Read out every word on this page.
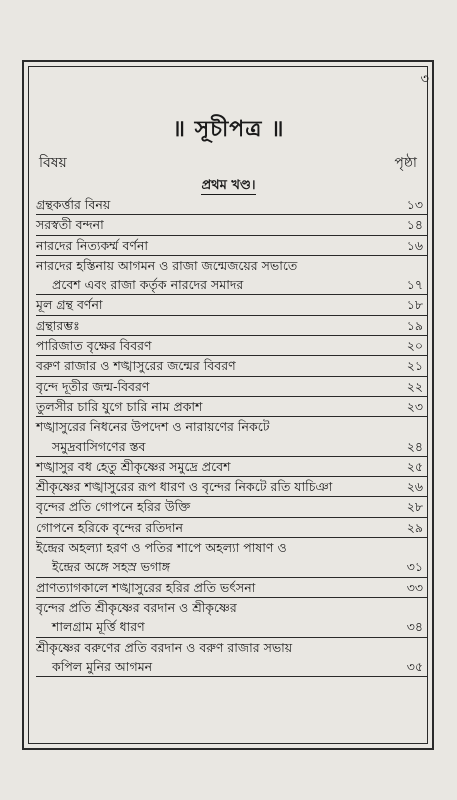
৩
॥ সূচীপত্র ॥
বিষয়	পৃষ্ঠা
প্রথম খণ্ড।
গ্রন্থকর্ত্তার বিনয়	১৩
সরস্বতী বন্দনা	১৪
নারদের নিত্যকর্ম্ম বর্ণনা	১৬
নারদের হস্তিনায় আগমন ও রাজা জন্মেজয়ের সভাতে
প্রবেশ এবং রাজা কর্তৃক নারদের সমাদর	১৭
মূল গ্রন্থ বর্ণনা	১৮
গ্রন্থারম্ভঃ	১৯
পারিজাত বৃক্ষের বিবরণ	২০
বরুণ রাজার ও শঙ্খাসুরের জন্মের বিবরণ	২১
বৃন্দে দূতীর জন্ম-বিবরণ	২২
তুলসীর চারি যুগে চারি নাম প্রকাশ	২৩
শঙ্খাসুরের নিধনের উপদেশ ও নারায়ণের নিকটে
সমুদ্রবাসিগণের স্তব	২৪
শঙ্খাসুর বধ হেতু শ্রীকৃষ্ণের সমুদ্রে প্রবেশ	২৫
শ্রীকৃষ্ণের শঙ্খাসুরের রূপ ধারণ ও বৃন্দের নিকটে রতি যাচিঞা	২৬
বৃন্দের প্রতি গোপনে হরির উক্তি	২৮
গোপনে হরিকে বৃন্দের রতিদান	২৯
ইন্দ্রের অহল্যা হরণ ও পতির শাপে অহল্যা পাষাণ ও
ইন্দ্রের অঙ্গে সহস্র ভগাঙ্গ	৩১
প্রাণত্যাগকালে শঙ্খাসুরের হরির প্রতি ভর্ৎসনা	৩৩
বৃন্দের প্রতি শ্রীকৃষ্ণের বরদান ও শ্রীকৃষ্ণের
শালগ্রাম মূর্ত্তি ধারণ	৩৪
শ্রীকৃষ্ণের বরুণের প্রতি বরদান ও বরুণ রাজার সভায়
কপিল মুনির আগমন	৩৫
